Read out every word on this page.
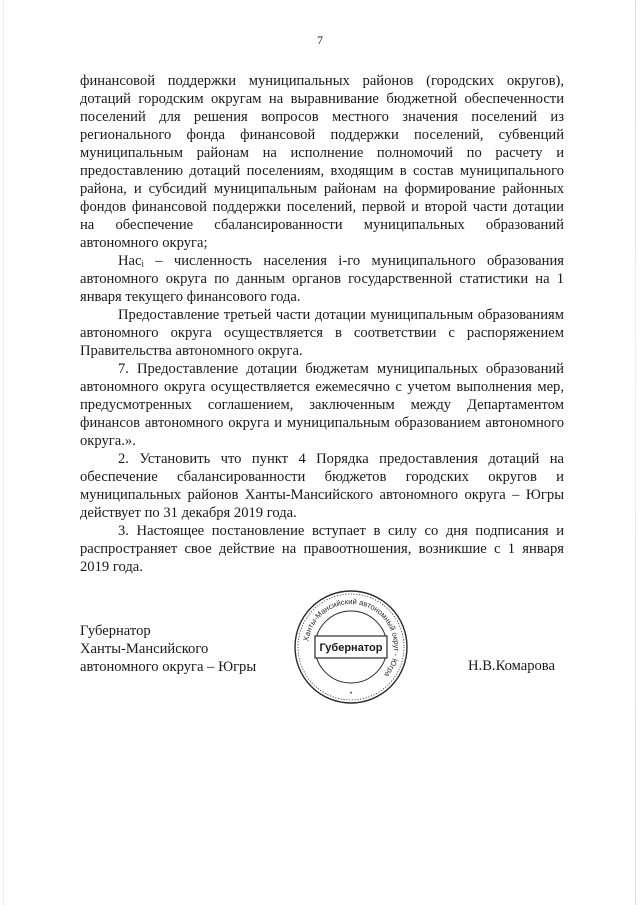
7

финансовой поддержки муниципальных районов (городских округов), дотаций городским округам на выравнивание бюджетной обеспеченности поселений для решения вопросов местного значения поселений из регионального фонда финансовой поддержки поселений, субвенций муниципальным районам на исполнение полномочий по расчету и предоставлению дотаций поселениям, входящим в состав муниципального района, и субсидий муниципальным районам на формирование районных фондов финансовой поддержки поселений, первой и второй части дотации на обеспечение сбалансированности муниципальных образований автономного округа;

Насᵢ – численность населения i-го муниципального образования автономного округа по данным органов государственной статистики на 1 января текущего финансового года.

Предоставление третьей части дотации муниципальным образованиям автономного округа осуществляется в соответствии с распоряжением Правительства автономного округа.

7. Предоставление дотации бюджетам муниципальных образований автономного округа осуществляется ежемесячно с учетом выполнения мер, предусмотренных соглашением, заключенным между Департаментом финансов автономного округа и муниципальным образованием автономного округа.».

2. Установить что пункт 4 Порядка предоставления дотаций на обеспечение сбалансированности бюджетов городских округов и муниципальных районов Ханты-Мансийского автономного округа – Югры действует по 31 декабря 2019 года.

3. Настоящее постановление вступает в силу со дня подписания и распространяет свое действие на правоотношения, возникшие с 1 января 2019 года.

Губернатор
Ханты-Мансийского
автономного округа – Югры
Ханты-Мансийский автономный округ - Югра
Губернатор
•
Н.В.Комарова
